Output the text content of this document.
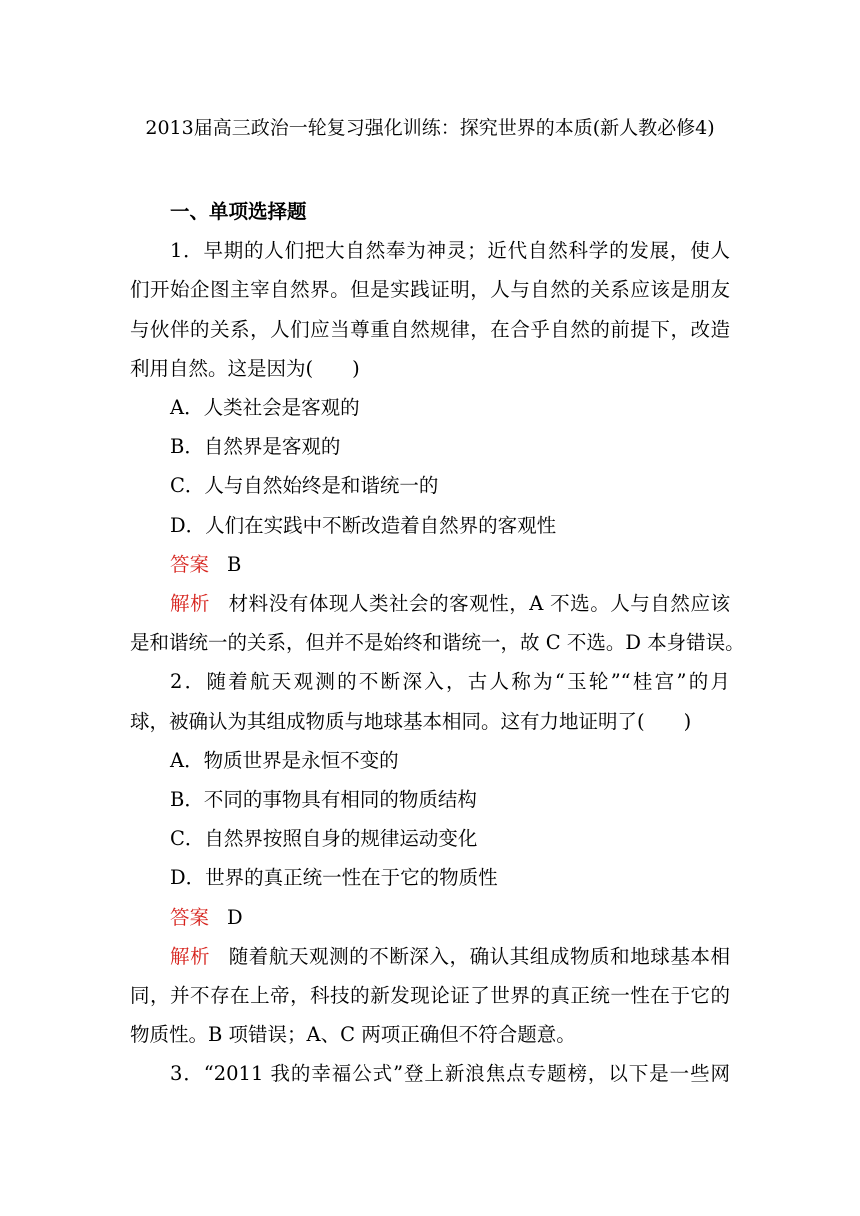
2013届高三政治一轮复习强化训练：探究世界的本质(新人教必修4)
一、单项选择题
1．早期的人们把大自然奉为神灵；近代自然科学的发展，使人
们开始企图主宰自然界。但是实践证明，人与自然的关系应该是朋友
与伙伴的关系，人们应当尊重自然规律，在合乎自然的前提下，改造
利用自然。这是因为(　　)
A．人类社会是客观的
B．自然界是客观的
C．人与自然始终是和谐统一的
D．人们在实践中不断改造着自然界的客观性
答案 B
解析 材料没有体现人类社会的客观性，A 不选。人与自然应该
是和谐统一的关系，但并不是始终和谐统一，故 C 不选。D 本身错误。
2．随着航天观测的不断深入，古人称为“玉轮”“桂宫”的月
球，被确认为其组成物质与地球基本相同。这有力地证明了(　　)
A．物质世界是永恒不变的
B．不同的事物具有相同的物质结构
C．自然界按照自身的规律运动变化
D．世界的真正统一性在于它的物质性
答案 D
解析 随着航天观测的不断深入，确认其组成物质和地球基本相
同，并不存在上帝，科技的新发现论证了世界的真正统一性在于它的
物质性。B 项错误；A、C 两项正确但不符合题意。
3．“2011 我的幸福公式”登上新浪焦点专题榜，以下是一些网
